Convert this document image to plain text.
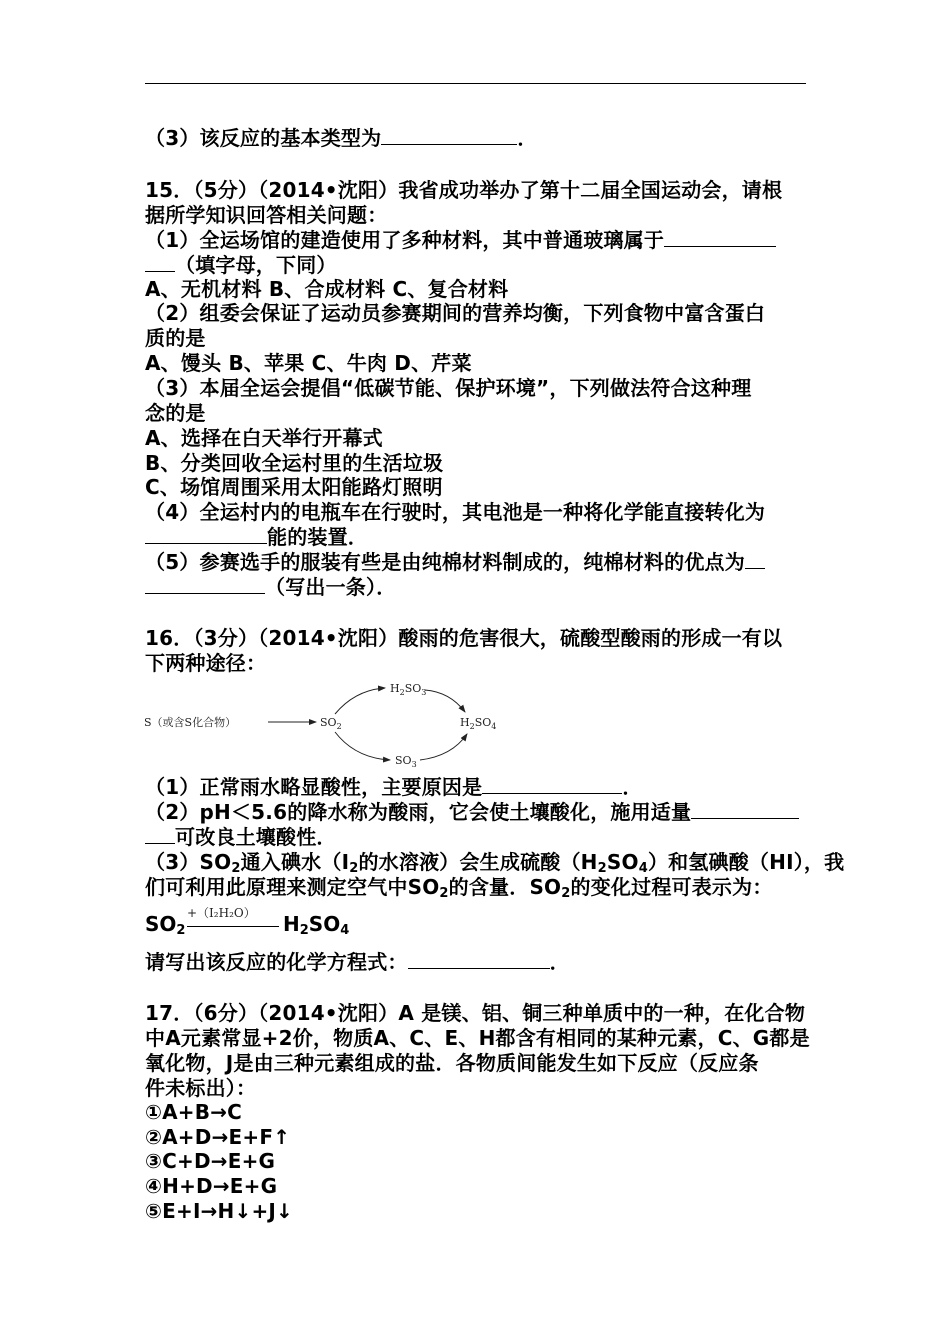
（3）该反应的基本类型为	．
15．（5分）（2014•沈阳）我省成功举办了第十二届全国运动会，请根
据所学知识回答相关问题：
（1）全运场馆的建造使用了多种材料，其中普通玻璃属于
（填字母，下同）
A、无机材料 B、合成材料 C、复合材料
（2）组委会保证了运动员参赛期间的营养均衡，下列食物中富含蛋白
质的是
A、馒头 B、苹果 C、牛肉 D、芹菜
（3）本届全运会提倡“低碳节能、保护环境”，下列做法符合这种理
念的是
A、选择在白天举行开幕式
B、分类回收全运村里的生活垃圾
C、场馆周围采用太阳能路灯照明
（4）全运村内的电瓶车在行驶时，其电池是一种将化学能直接转化为
能的装置．
（5）参赛选手的服装有些是由纯棉材料制成的，纯棉材料的优点为
（写出一条）．
16．（3分）（2014•沈阳）酸雨的危害很大，硫酸型酸雨的形成一有以
下两种途径：
S（或含S化合物）	$SO_2$
$H_2SO_3$
$H_2SO_4$
$SO_3$
（1）正常雨水略显酸性，主要原因是	．
（2）pH＜5.6的降水称为酸雨，它会使土壤酸化，施用适量
可改良土壤酸性．
$(3)SO_2$通入碘水（$I_2$的水溶液）会生成硫酸$(H_2SO_4)$和氢碘酸（HI），我
们可利用此原理来测定空气中$SO_2$的含量．$SO_2$的变化过程可表示为：
$SO_2$
+（I₂H₂O） $H_2SO_4$
请写出该反应的化学方程式：	．
17．（6分）（2014•沈阳）A 是镁、铝、铜三种单质中的一种，在化合物
中A元素常显+2价，物质A、C、E、H都含有相同的某种元素，C、G都是
氧化物，J是由三种元素组成的盐．各物质间能发生如下反应（反应条
件未标出）：
①A+B→C
②A+D→E+F↑
③C+D→E+G
④H+D→E+G
⑤E+I→H↓+J↓
